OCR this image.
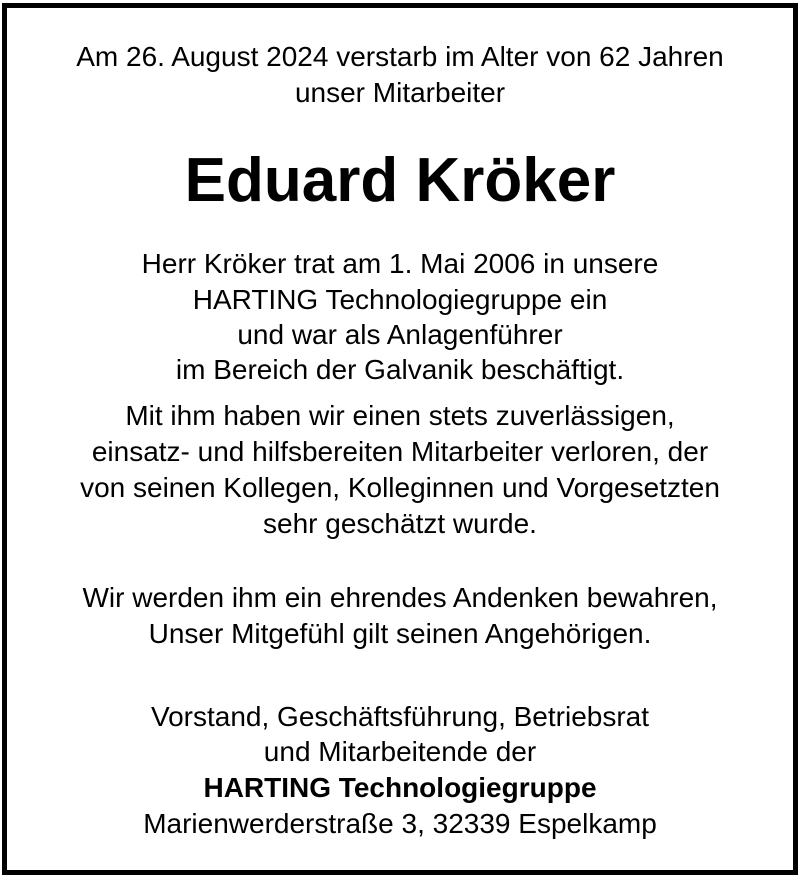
Am 26. August 2024 verstarb im Alter von 62 Jahren
unser Mitarbeiter
Eduard Kröker
Herr Kröker trat am 1. Mai 2006 in unsere
HARTING Technologiegruppe ein
und war als Anlagenführer
im Bereich der Galvanik beschäftigt.
Mit ihm haben wir einen stets zuverlässigen,
einsatz- und hilfsbereiten Mitarbeiter verloren, der
von seinen Kollegen, Kolleginnen und Vorgesetzten
sehr geschätzt wurde.
Wir werden ihm ein ehrendes Andenken bewahren,
Unser Mitgefühl gilt seinen Angehörigen.
Vorstand, Geschäftsführung, Betriebsrat
und Mitarbeitende der
HARTING Technologiegruppe
Marienwerderstraße 3, 32339 Espelkamp
